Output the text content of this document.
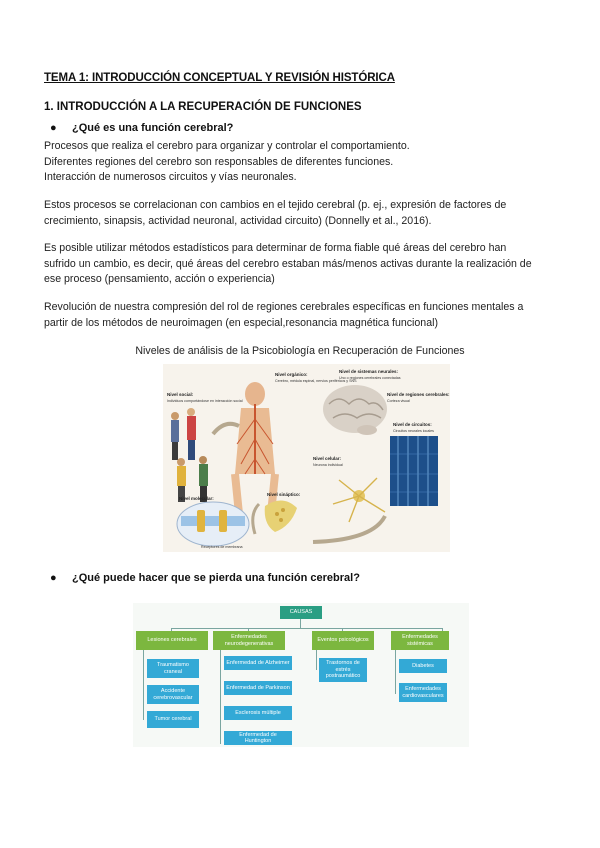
TEMA 1: INTRODUCCIÓN CONCEPTUAL Y REVISIÓN HISTÓRICA
1. INTRODUCCIÓN A LA RECUPERACIÓN DE FUNCIONES
● ¿Qué es una función cerebral?
Procesos que realiza el cerebro para organizar y controlar el comportamiento.
Diferentes regiones del cerebro son responsables de diferentes funciones.
Interacción de numerosos circuitos y vías neuronales.
Estos procesos se correlacionan con cambios en el tejido cerebral (p. ej., expresión de factores de
crecimiento, sinapsis, actividad neuronal, actividad circuito) (Donnelly et al., 2016).
Es posible utilizar métodos estadísticos para determinar de forma fiable qué áreas del cerebro han
sufrido un cambio, es decir, qué áreas del cerebro estaban más/menos activas durante la realización de
ese proceso (pensamiento, acción o experiencia)
Revolución de nuestra compresión del rol de regiones cerebrales específicas en funciones mentales a
partir de los métodos de neuroimagen (en especial,resonancia magnética funcional)
Niveles de análisis de la Psicobiología en Recuperación de Funciones
Nivel social:
Individuos comportándose en interacción social
Nivel orgánico:
Cerebro, médula espinal, nervios periféricos y SNS
Nivel de sistemas neurales:
Uno o regiones cerebrales conectadas
Nivel de regiones cerebrales:
Corteza visual
Nivel de circuitos:
Circuitos neurales locales
Nivel celular:
Neurona individual
Nivel sináptico:
Nivel molecular:
Receptores de membrana
● ¿Qué puede hacer que se pierda una función cerebral?
CAUSAS
Lesiones cerebrales
Enfermedades neurodegenerativas
Eventos psicológicos
Enfermedades sistémicas
Traumatismo craneal
Accidente cerebrovascular
Tumor cerebral
Enfermedad de Alzheimer
Enfermedad de Parkinson
Esclerosis múltiple
Enfermedad de Huntington
Trastornos de estrés postraumático
Diabetes
Enfermedades cardiovasculares
